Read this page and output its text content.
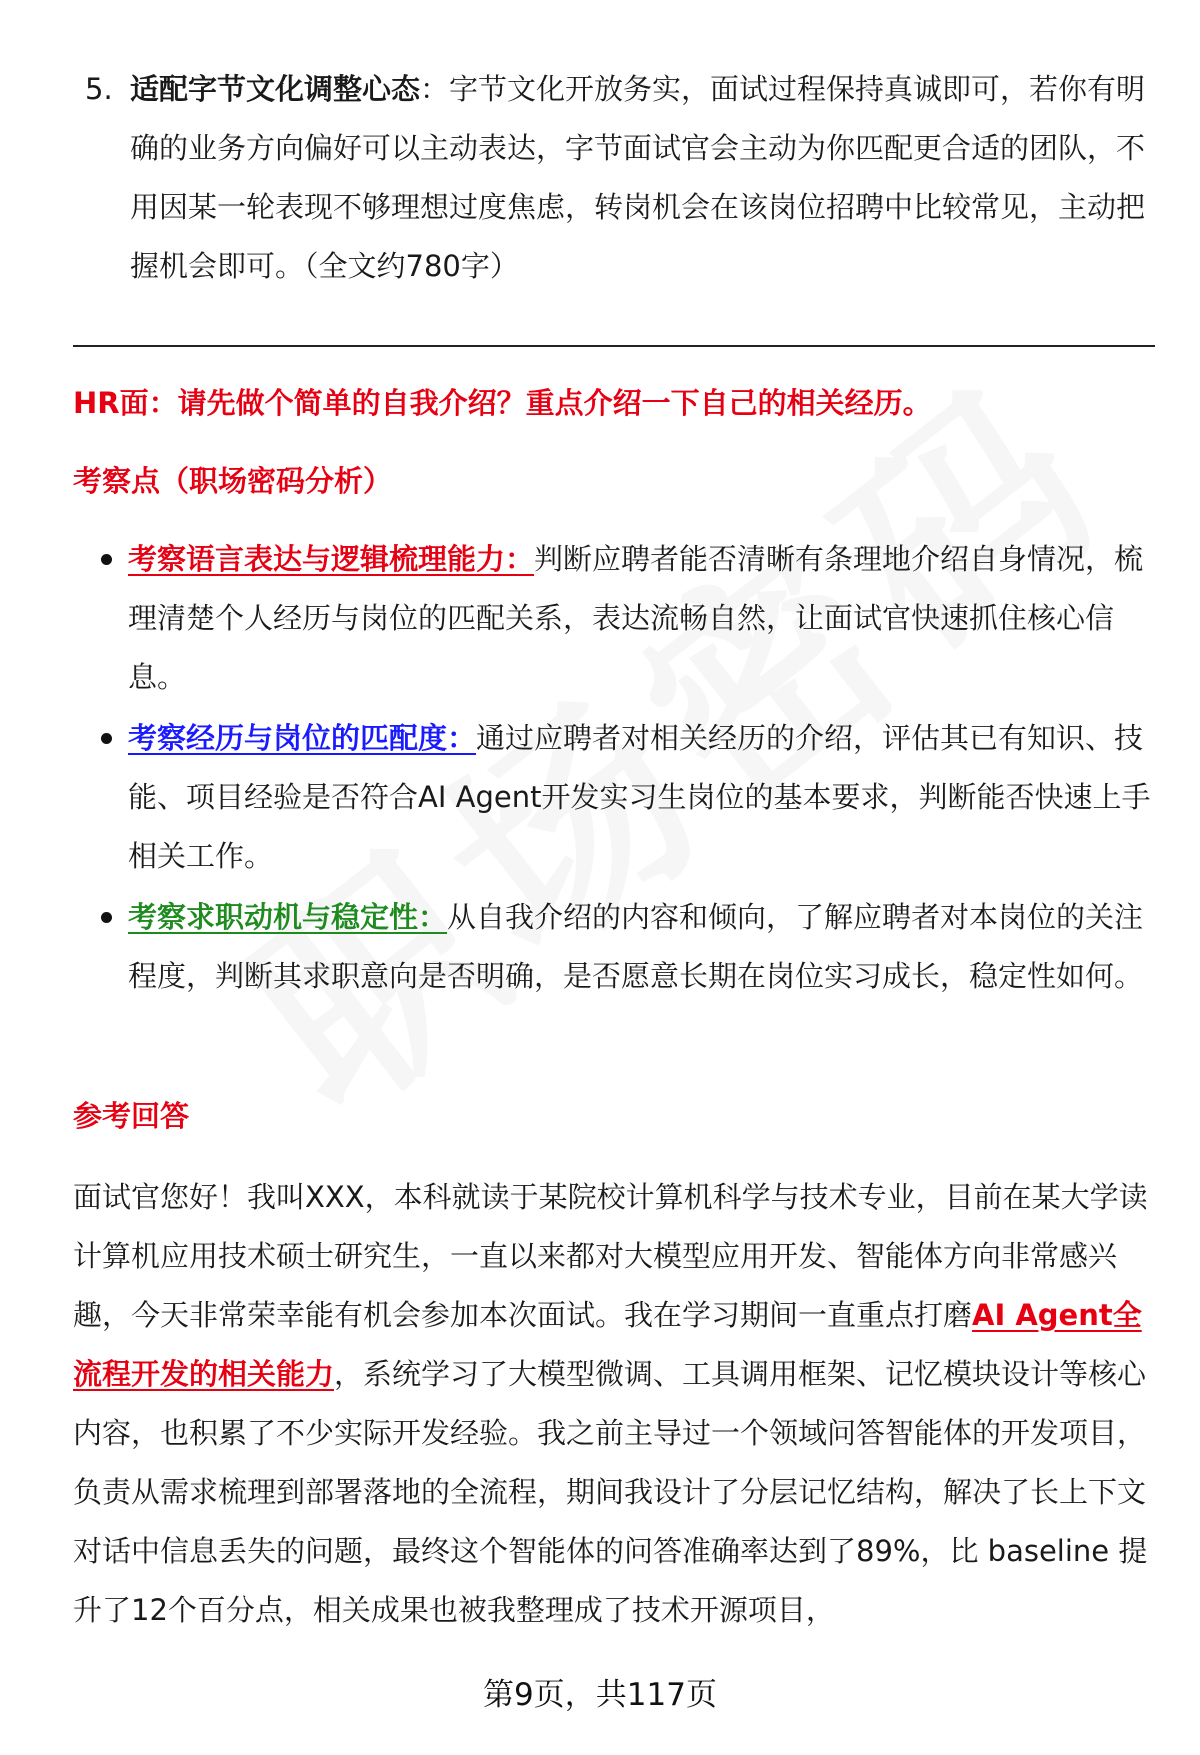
5. 适配字节文化调整心态：字节文化开放务实，面试过程保持真诚即可，若你有明确的业务方向偏好可以主动表达，字节面试官会主动为你匹配更合适的团队，不用因某一轮表现不够理想过度焦虑，转岗机会在该岗位招聘中比较常见，主动把握机会即可。（全文约780字）
HR面：请先做个简单的自我介绍？重点介绍一下自己的相关经历。
考察点（职场密码分析）
考察语言表达与逻辑梳理能力：判断应聘者能否清晰有条理地介绍自身情况，梳理清楚个人经历与岗位的匹配关系，表达流畅自然，让面试官快速抓住核心信息。
考察经历与岗位的匹配度：通过应聘者对相关经历的介绍，评估其已有知识、技能、项目经验是否符合AI Agent开发实习生岗位的基本要求，判断能否快速上手相关工作。
考察求职动机与稳定性：从自我介绍的内容和倾向，了解应聘者对本岗位的关注程度，判断其求职意向是否明确，是否愿意长期在岗位实习成长，稳定性如何。
参考回答
面试官您好！我叫XXX，本科就读于某院校计算机科学与技术专业，目前在某大学读计算机应用技术硕士研究生，一直以来都对大模型应用开发、智能体方向非常感兴趣，今天非常荣幸能有机会参加本次面试。我在学习期间一直重点打磨AI Agent全流程开发的相关能力，系统学习了大模型微调、工具调用框架、记忆模块设计等核心内容，也积累了不少实际开发经验。我之前主导过一个领域问答智能体的开发项目，负责从需求梳理到部署落地的全流程，期间我设计了分层记忆结构，解决了长上下文对话中信息丢失的问题，最终这个智能体的问答准确率达到了89%，比 baseline 提升了12个百分点，相关成果也被我整理成了技术开源项目，
第9页，共117页
